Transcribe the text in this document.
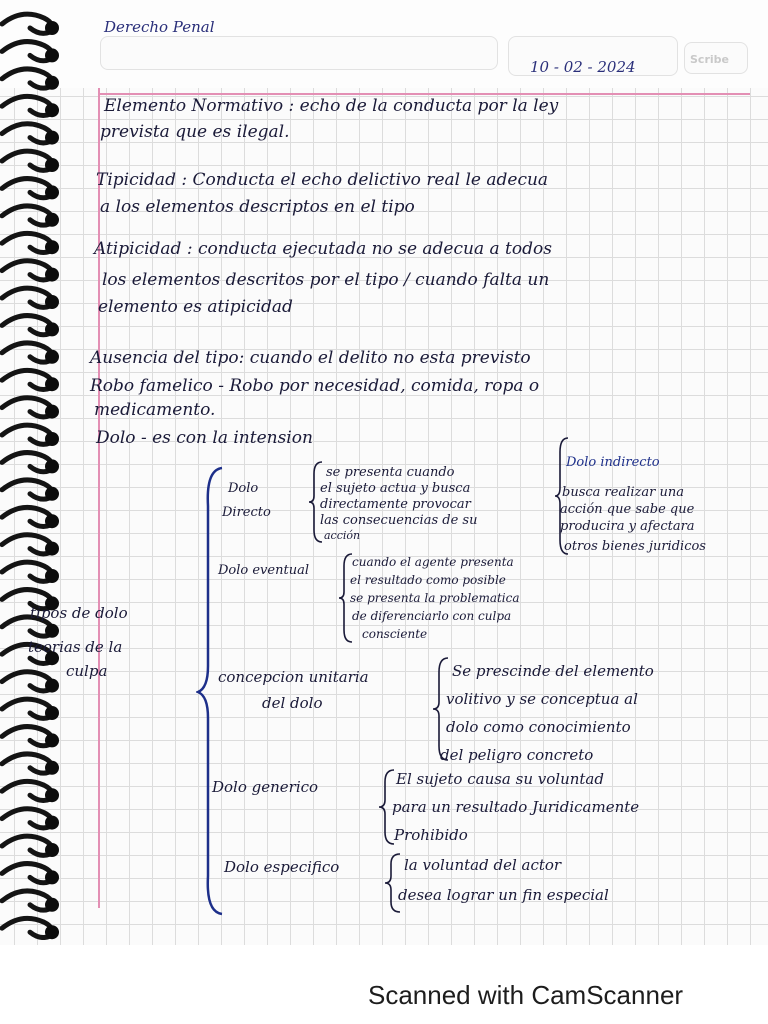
Derecho Penal
10 - 02 - 2024	Scribe
Elemento Normativo : echo de la conducta por la ley
prevista que es ilegal.
Tipicidad : Conducta el echo delictivo real le adecua
a los elementos descriptos en el tipo
Atipicidad : conducta ejecutada no se adecua a todos
los elementos descritos por el tipo / cuando falta un
elemento es atipicidad
Ausencia del tipo: cuando el delito no esta previsto
Robo famelico - Robo por necesidad, comida, ropa o
medicamento.
Dolo - es con la intension
tipos de dolo
teorias de la
culpa
Dolo
Directo
se presenta cuando
el sujeto actua y busca
directamente provocar
las consecuencias de su
acción
Dolo indirecto
busca realizar una
acción que sabe que
producira y afectara
otros bienes juridicos
Dolo eventual
cuando el agente presenta
el resultado como posible
se presenta la problematica
de diferenciarlo con culpa
consciente
concepcion unitaria
del dolo
Se prescinde del elemento
volitivo y se conceptua al
dolo como conocimiento
del peligro concreto
Dolo generico	El sujeto causa su voluntad
para un resultado Juridicamente
Prohibido
Dolo especifico	la voluntad del actor
desea lograr un fin especial
Scanned with CamScanner
